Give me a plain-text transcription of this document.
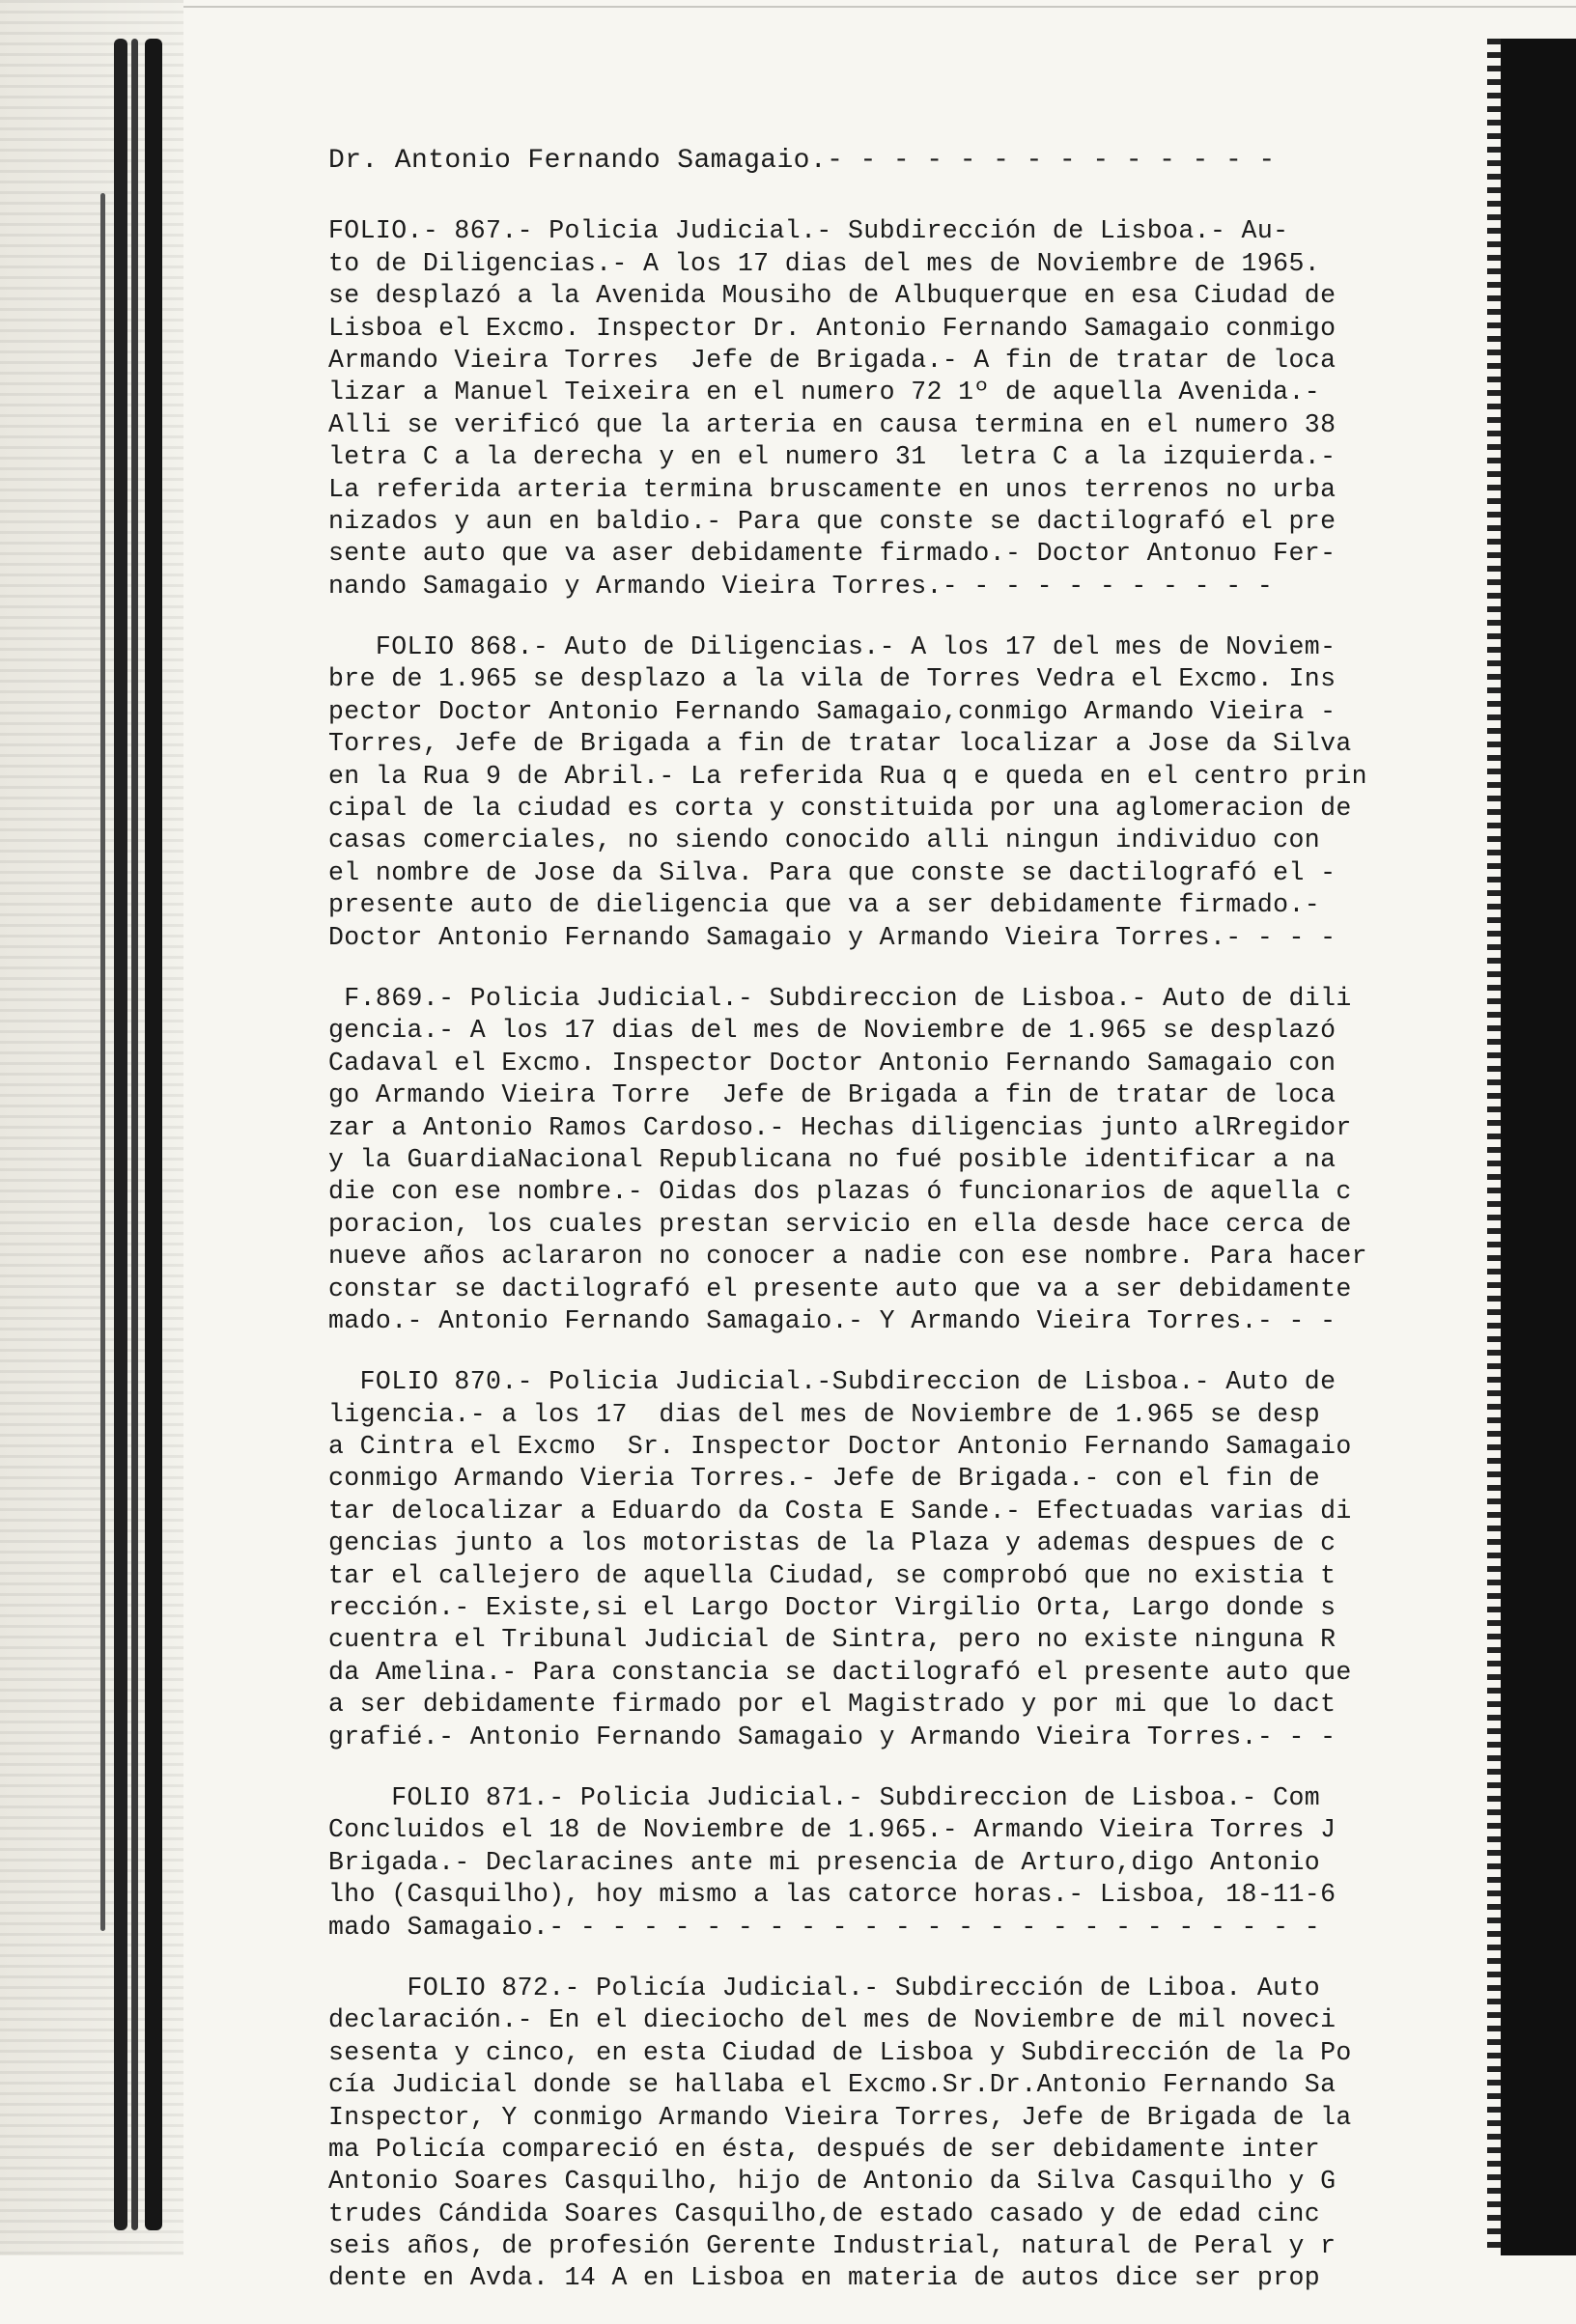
Dr. Antonio Fernando Samagaio.- - - - - - - - - - - - - -
FOLIO.- 867.- Policia Judicial.- Subdirección de Lisboa.- Au-
to de Diligencias.- A los 17 dias del mes de Noviembre de 1965.
se desplazó a la Avenida Mousiho de Albuquerque en esa Ciudad de
Lisboa el Excmo. Inspector Dr. Antonio Fernando Samagaio conmigo
Armando Vieira Torres  Jefe de Brigada.- A fin de tratar de loca
lizar a Manuel Teixeira en el numero 72 1º de aquella Avenida.-
Alli se verificó que la arteria en causa termina en el numero 38
letra C a la derecha y en el numero 31  letra C a la izquierda.-
La referida arteria termina bruscamente en unos terrenos no urba
nizados y aun en baldio.- Para que conste se dactilografó el pre
sente auto que va aser debidamente firmado.- Doctor Antonuo Fer-
nando Samagaio y Armando Vieira Torres.- - - - - - - - - - -
FOLIO 868.- Auto de Diligencias.- A los 17 del mes de Noviem-
bre de 1.965 se desplazo a la vila de Torres Vedra el Excmo. Ins
pector Doctor Antonio Fernando Samagaio,conmigo Armando Vieira -
Torres, Jefe de Brigada a fin de tratar localizar a Jose da Silva
en la Rua 9 de Abril.- La referida Rua q e queda en el centro prin
cipal de la ciudad es corta y constituida por una aglomeracion de
casas comerciales, no siendo conocido alli ningun individuo con
el nombre de Jose da Silva. Para que conste se dactilografó el -
presente auto de dieligencia que va a ser debidamente firmado.-
Doctor Antonio Fernando Samagaio y Armando Vieira Torres.- - - -
F.869.- Policia Judicial.- Subdireccion de Lisboa.- Auto de dili
gencia.- A los 17 dias del mes de Noviembre de 1.965 se desplazó
Cadaval el Excmo. Inspector Doctor Antonio Fernando Samagaio con
go Armando Vieira Torre  Jefe de Brigada a fin de tratar de loca
zar a Antonio Ramos Cardoso.- Hechas diligencias junto alRregidor
y la GuardiaNacional Republicana no fué posible identificar a na
die con ese nombre.- Oidas dos plazas ó funcionarios de aquella c
poracion, los cuales prestan servicio en ella desde hace cerca de
nueve años aclararon no conocer a nadie con ese nombre. Para hacer
constar se dactilografó el presente auto que va a ser debidamente
mado.- Antonio Fernando Samagaio.- Y Armando Vieira Torres.- - -
FOLIO 870.- Policia Judicial.-Subdireccion de Lisboa.- Auto de
ligencia.- a los 17  dias del mes de Noviembre de 1.965 se desp
a Cintra el Excmo  Sr. Inspector Doctor Antonio Fernando Samagaio
conmigo Armando Vieria Torres.- Jefe de Brigada.- con el fin de
tar delocalizar a Eduardo da Costa E Sande.- Efectuadas varias di
gencias junto a los motoristas de la Plaza y ademas despues de c
tar el callejero de aquella Ciudad, se comprobó que no existia t
rección.- Existe,si el Largo Doctor Virgilio Orta, Largo donde s
cuentra el Tribunal Judicial de Sintra, pero no existe ninguna R
da Amelina.- Para constancia se dactilografó el presente auto que
a ser debidamente firmado por el Magistrado y por mi que lo dact
grafié.- Antonio Fernando Samagaio y Armando Vieira Torres.- - -
FOLIO 871.- Policia Judicial.- Subdireccion de Lisboa.- Com
Concluidos el 18 de Noviembre de 1.965.- Armando Vieira Torres J
Brigada.- Declaracines ante mi presencia de Arturo,digo Antonio
lho (Casquilho), hoy mismo a las catorce horas.- Lisboa, 18-11-6
mado Samagaio.- - - - - - - - - - - - - - - - - - - - - - - - -
FOLIO 872.- Policía Judicial.- Subdirección de Liboa. Auto
declaración.- En el dieciocho del mes de Noviembre de mil noveci
sesenta y cinco, en esta Ciudad de Lisboa y Subdirección de la Po
cía Judicial donde se hallaba el Excmo.Sr.Dr.Antonio Fernando Sa
Inspector, Y conmigo Armando Vieira Torres, Jefe de Brigada de la
ma Policía compareció en ésta, después de ser debidamente inter
Antonio Soares Casquilho, hijo de Antonio da Silva Casquilho y G
trudes Cándida Soares Casquilho,de estado casado y de edad cinc
seis años, de profesión Gerente Industrial, natural de Peral y r
dente en Avda. 14 A en Lisboa en materia de autos dice ser prop
